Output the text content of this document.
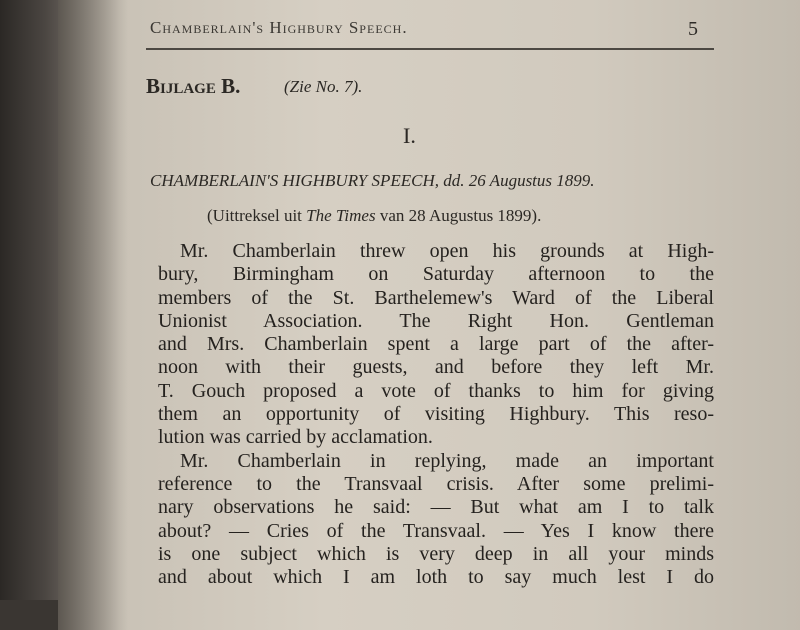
Chamberlain's Highbury Speech.	5
Bijlage B.	(Zie No. 7).
I.
CHAMBERLAIN'S HIGHBURY SPEECH, dd. 26 Augustus 1899.
(Uittreksel uit The Times van 28 Augustus 1899).
Mr. Chamberlain threw open his grounds at High-
bury, Birmingham on Saturday afternoon to the
members of the St. Barthelemew's Ward of the Liberal
Unionist Association. The Right Hon. Gentleman
and Mrs. Chamberlain spent a large part of the after-
noon with their guests, and before they left Mr.
T. Gouch proposed a vote of thanks to him for giving
them an opportunity of visiting Highbury. This reso-
lution was carried by acclamation.
Mr. Chamberlain in replying, made an important
reference to the Transvaal crisis. After some prelimi-
nary observations he said: — But what am I to talk
about? — Cries of the Transvaal. — Yes I know there
is one subject which is very deep in all your minds
and about which I am loth to say much lest I do
